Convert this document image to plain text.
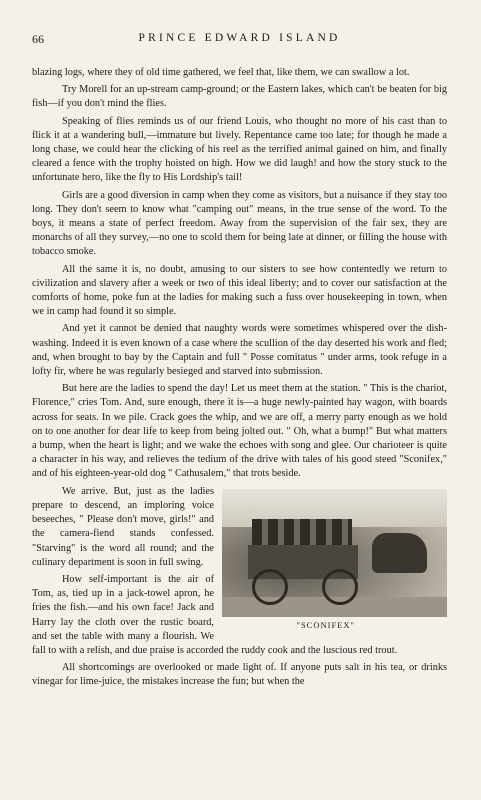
66	PRINCE EDWARD ISLAND

blazing logs, where they of old time gathered, we feel that, like them, we can swallow a lot.

Try Morell for an up-stream camp-ground; or the Eastern lakes, which can't be beaten for big fish—if you don't mind the flies.

Speaking of flies reminds us of our friend Louis, who thought no more of his cast than to flick it at a wandering bull,—immature but lively. Repentance came too late; for though he made a long chase, we could hear the clicking of his reel as the terrified animal gained on him, and finally cleared a fence with the trophy hoisted on high. How we did laugh! and how the story stuck to the unfortunate hero, like the fly to His Lordship's tail!

Girls are a good diversion in camp when they come as visitors, but a nuisance if they stay too long. They don't seem to know what "camping out" means, in the true sense of the word. To the boys, it means a state of perfect freedom. Away from the supervision of the fair sex, they are monarchs of all they survey,—no one to scold them for being late at dinner, or filling the house with tobacco smoke.

All the same it is, no doubt, amusing to our sisters to see how contentedly we return to civilization and slavery after a week or two of this ideal liberty; and to cover our satisfaction at the comforts of home, poke fun at the ladies for making such a fuss over housekeeping in town, when we in camp had found it so simple.

And yet it cannot be denied that naughty words were sometimes whispered over the dish-washing. Indeed it is even known of a case where the scullion of the day deserted his work and fled; and, when brought to bay by the Captain and full " Posse comitatus " under arms, took refuge in a lofty fir, where he was regularly besieged and starved into submission.

But here are the ladies to spend the day! Let us meet them at the station. " This is the chariot, Florence," cries Tom. And, sure enough, there it is—a huge newly-painted hay wagon, with boards across for seats. In we pile. Crack goes the whip, and we are off, a merry party enough as we hold on to one another for dear life to keep from being jolted out. " Oh, what a bump!" But what matters a bump, when the heart is light; and we wake the echoes with song and glee. Our charioteer is quite a character in his way, and relieves the tedium of the drive with tales of his good steed "Sconifex," and of his eighteen-year-old dog " Cathusalem," that trots beside.

"SCONIFEX"

We arrive. But, just as the ladies prepare to descend, an imploring voice beseeches, " Please don't move, girls!" and the camera-fiend stands confessed. "Starving" is the word all round; and the culinary department is soon in full swing.

How self-important is the air of Tom, as, tied up in a jack-towel apron, he fries the fish.—and his own face! Jack and Harry lay the cloth over the rustic board, and set the table with many a flourish. We fall to with a relish, and due praise is accorded the ruddy cook and the luscious red trout.

All shortcomings are overlooked or made light of. If anyone puts salt in his tea, or drinks vinegar for lime-juice, the mistakes increase the fun; but when the
